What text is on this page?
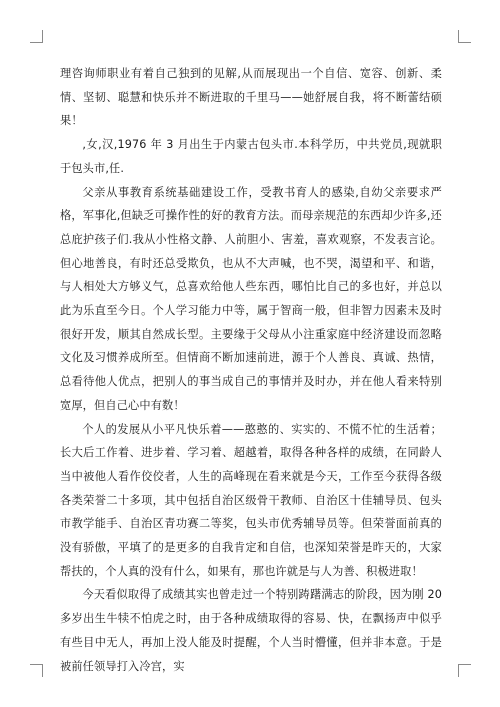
理咨询师职业有着自己独到的见解,从而展现出一个自信、宽容、创新、柔情、坚韧、聪慧和快乐并不断进取的千里马——她舒展自我，将不断蕾结硕果！

,女,汉,1976 年 3 月出生于内蒙古包头市.本科学历，中共党员,现就职于包头市,任.

父亲从事教育系统基础建设工作，受教书育人的感染,自幼父亲要求严格，军事化,但缺乏可操作性的好的教育方法。而母亲规范的东西却少许多,还总庇护孩子们.我从小性格文静、人前胆小、害羞，喜欢观察，不发表言论。但心地善良，有时还总受欺负，也从不大声喊，也不哭，渴望和平、和谐，与人相处大方够义气，总喜欢给他人些东西，哪怕比自己的多也好，并总以此为乐直至今日。个人学习能力中等，属于智商一般，但非智力因素未及时很好开发，顺其自然成长型。主要缘于父母从小注重家庭中经济建设而忽略文化及习惯养成所至。但情商不断加速前进，源于个人善良、真诚、热情，总看待他人优点，把别人的事当成自己的事情并及时办，并在他人看来特别宽厚，但自己心中有数！

个人的发展从小平凡快乐着——憨憨的、实实的、不慌不忙的生活着；长大后工作着、进步着、学习着、超越着，取得各种各样的成绩，在同龄人当中被他人看作佼佼者，人生的高峰现在看来就是今天，工作至今获得各级各类荣誉二十多项，其中包括自治区级骨干教师、自治区十佳辅导员、包头市教学能手、自治区青功赛二等奖，包头市优秀辅导员等。但荣誉面前真的没有骄傲，平填了的是更多的自我肯定和自信，也深知荣誉是昨天的，大家帮扶的，个人真的没有什么，如果有，那也许就是与人为善、积极进取！

今天看似取得了成绩其实也曾走过一个特别踌躇满志的阶段，因为刚 20 多岁出生牛犊不怕虎之时，由于各种成绩取得的容易、快，在飘扬声中似乎有些目中无人，再加上没人能及时提醒，个人当时懵懂，但并非本意。于是被前任领导打入冷宫，实
